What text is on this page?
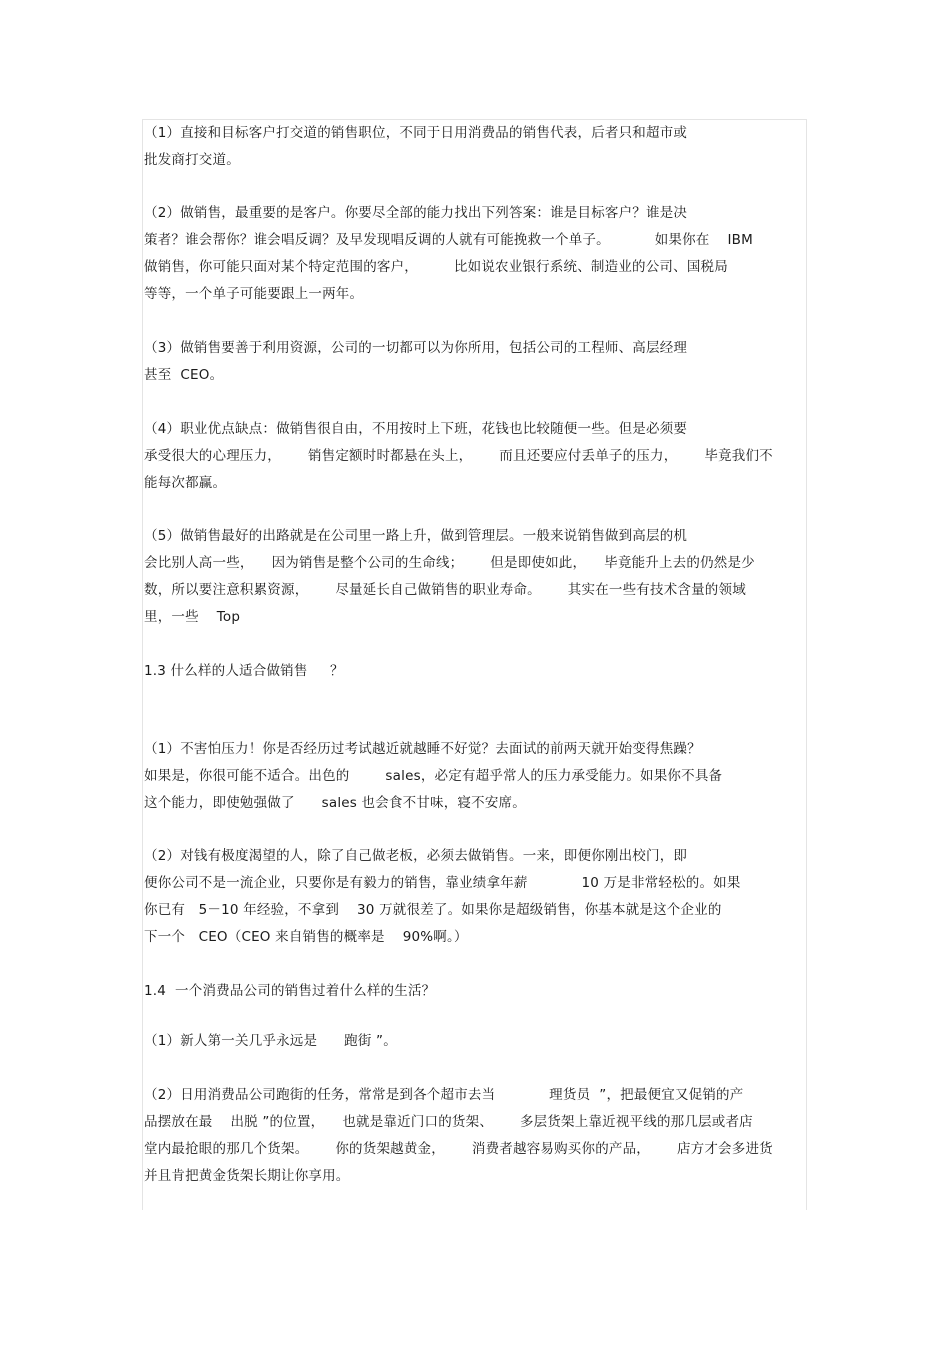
（1）直接和目标客户打交道的销售职位，不同于日用消费品的销售代表，后者只和超市或
批发商打交道。
（2）做销售，最重要的是客户。你要尽全部的能力找出下列答案：谁是目标客户？谁是决
策者？谁会帮你？谁会唱反调？及早发现唱反调的人就有可能挽救一个单子。          如果你在    IBM
做销售，你可能只面对某个特定范围的客户，        比如说农业银行系统、制造业的公司、国税局
等等，一个单子可能要跟上一两年。
（3）做销售要善于利用资源，公司的一切都可以为你所用，包括公司的工程师、高层经理
甚至  CEO。
（4）职业优点缺点：做销售很自由，不用按时上下班，花钱也比较随便一些。但是必须要
承受很大的心理压力，      销售定额时时都悬在头上，      而且还要应付丢单子的压力，      毕竟我们不
能每次都赢。
（5）做销售最好的出路就是在公司里一路上升，做到管理层。一般来说销售做到高层的机
会比别人高一些，    因为销售是整个公司的生命线；      但是即使如此，    毕竟能升上去的仍然是少
数，所以要注意积累资源，      尽量延长自己做销售的职业寿命。      其实在一些有技术含量的领域
里，一些    Top
1.3 什么样的人适合做销售     ？
（1）不害怕压力！你是否经历过考试越近就越睡不好觉？去面试的前两天就开始变得焦躁？
如果是，你很可能不适合。出色的        sales，必定有超乎常人的压力承受能力。如果你不具备
这个能力，即使勉强做了      sales 也会食不甘味，寝不安席。
（2）对钱有极度渴望的人，除了自己做老板，必须去做销售。一来，即便你刚出校门，即
便你公司不是一流企业，只要你是有毅力的销售，靠业绩拿年薪            10 万是非常轻松的。如果
你已有   5－10 年经验，不拿到    30 万就很差了。如果你是超级销售，你基本就是这个企业的
下一个   CEO（CEO 来自销售的概率是    90%啊。）
1.4  一个消费品公司的销售过着什么样的生活？
（1）新人第一关几乎永远是      跑街 ”。
（2）日用消费品公司跑街的任务，常常是到各个超市去当            理货员  ”，把最便宜又促销的产
品摆放在最    出脱 ”的位置，    也就是靠近门口的货架、      多层货架上靠近视平线的那几层或者店
堂内最抢眼的那几个货架。      你的货架越黄金，      消费者越容易购买你的产品，      店方才会多进货
并且肯把黄金货架长期让你享用。
